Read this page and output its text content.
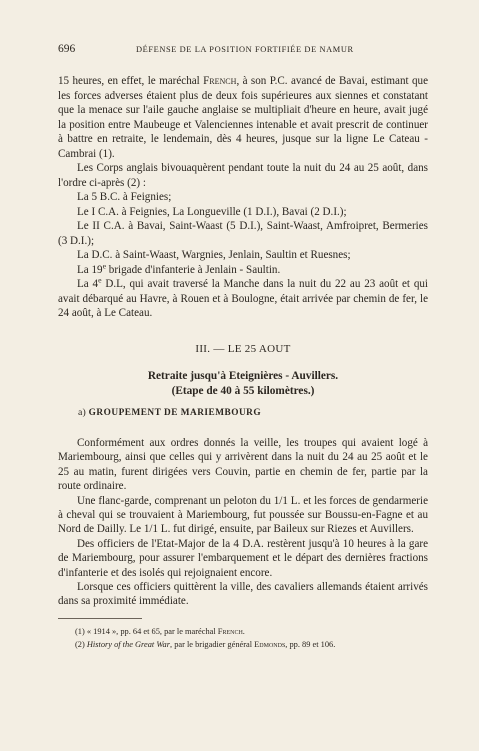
696	DÉFENSE DE LA POSITION FORTIFIÉE DE NAMUR

15 heures, en effet, le maréchal French, à son P.C. avancé de Bavai, estimant que les forces adverses étaient plus de deux fois supérieures aux siennes et constatant que la menace sur l'aile gauche anglaise se multipliait d'heure en heure, avait jugé la position entre Maubeuge et Valenciennes intenable et avait prescrit de continuer à battre en retraite, le lendemain, dès 4 heures, jusque sur la ligne Le Cateau - Cambrai (1).

Les Corps anglais bivouaquèrent pendant toute la nuit du 24 au 25 août, dans l'ordre ci-après (2) :

La 5 B.C. à Feignies;

Le I C.A. à Feignies, La Longueville (1 D.I.), Bavai (2 D.I.);

Le II C.A. à Bavai, Saint-Waast (5 D.I.), Saint-Waast, Amfroipret, Bermeries (3 D.I.);

La D.C. à Saint-Waast, Wargnies, Jenlain, Saultin et Ruesnes;

La 19e brigade d'infanterie à Jenlain - Saultin.

La 4e D.L, qui avait traversé la Manche dans la nuit du 22 au 23 août et qui avait débarqué au Havre, à Rouen et à Boulogne, était arrivée par chemin de fer, le 24 août, à Le Cateau.

III. — LE 25 AOUT
Retraite jusqu'à Eteignières - Auvillers.
(Etape de 40 à 55 kilomètres.)
a) GROUPEMENT DE MARIEMBOURG

Conformément aux ordres donnés la veille, les troupes qui avaient logé à Mariembourg, ainsi que celles qui y arrivèrent dans la nuit du 24 au 25 août et le 25 au matin, furent dirigées vers Couvin, partie en chemin de fer, partie par la route ordinaire.

Une flanc-garde, comprenant un peloton du 1/1 L. et les forces de gendarmerie à cheval qui se trouvaient à Mariembourg, fut poussée sur Boussu-en-Fagne et au Nord de Dailly. Le 1/1 L. fut dirigé, ensuite, par Baileux sur Riezes et Auvillers.

Des officiers de l'Etat-Major de la 4 D.A. restèrent jusqu'à 10 heures à la gare de Mariembourg, pour assurer l'embarquement et le départ des dernières fractions d'infanterie et des isolés qui rejoignaient encore.

Lorsque ces officiers quittèrent la ville, des cavaliers allemands étaient arrivés dans sa proximité immédiate.

(1) « 1914 », pp. 64 et 65, par le maréchal French.

(2) History of the Great War, par le brigadier général Edmonds, pp. 89 et 106.
